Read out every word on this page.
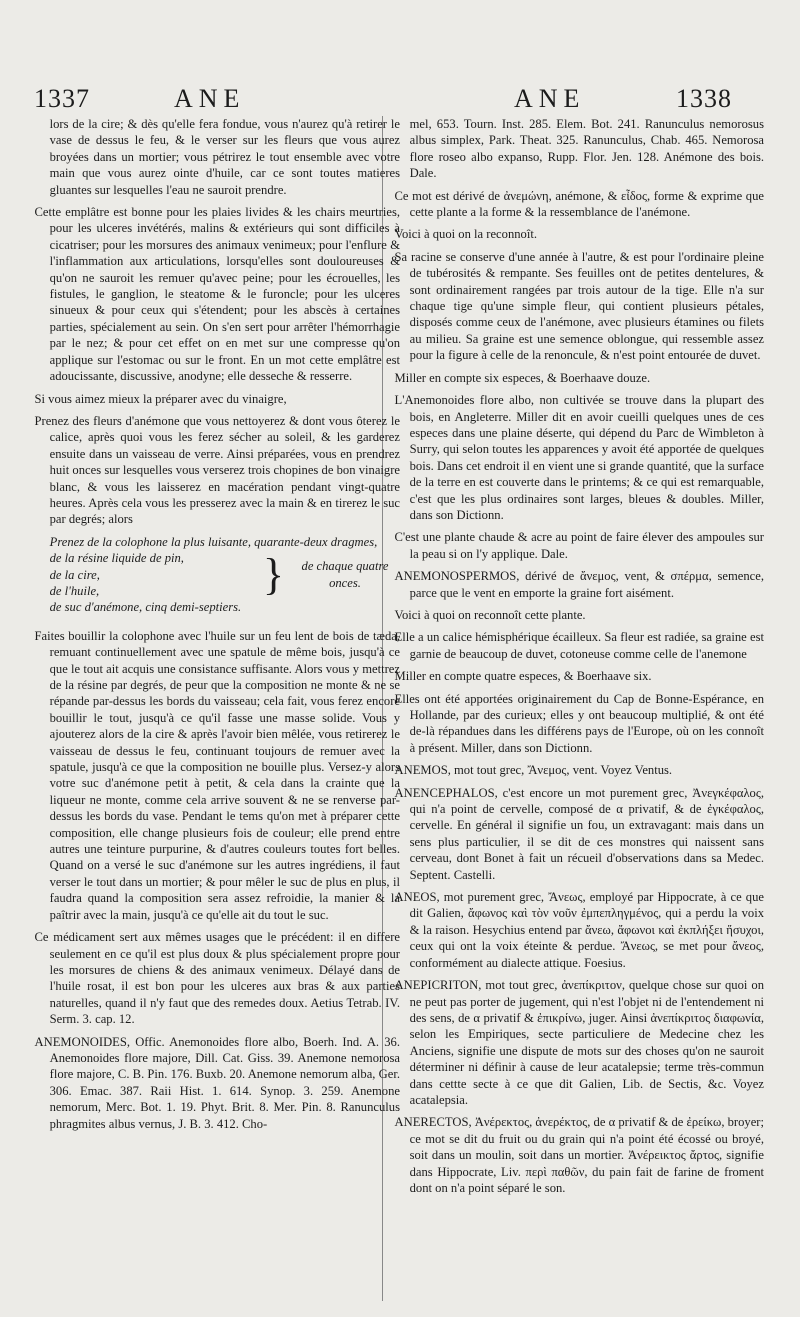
1337	ANE	ANE	1338

lors de la cire; & dès qu'elle fera fondue, vous n'aurez qu'à retirer le vase de dessus le feu, & le verser sur les fleurs que vous aurez broyées dans un mortier; vous pétrirez le tout ensemble avec votre main que vous aurez ointe d'huile, car ce sont toutes matieres gluantes sur lesquelles l'eau ne sauroit prendre.

Cette emplâtre est bonne pour les plaies livides & les chairs meurtries, pour les ulceres invétérés, malins & extérieurs qui sont difficiles à cicatriser; pour les morsures des animaux venimeux; pour l'enflure & l'inflammation aux articulations, lorsqu'elles sont douloureuses & qu'on ne sauroit les remuer qu'avec peine; pour les écrouelles, les fistules, le ganglion, le steatome & le furoncle; pour les ulceres sinueux & pour ceux qui s'étendent; pour les abscès à certaines parties, spécialement au sein. On s'en sert pour arrêter l'hémorrhagie par le nez; & pour cet effet on en met sur une compresse qu'on applique sur l'estomac ou sur le front. En un mot cette emplâtre est adoucissante, discussive, anodyne; elle desseche & resserre.

Si vous aimez mieux la préparer avec du vinaigre,

Prenez des fleurs d'anémone que vous nettoyerez & dont vous ôterez le calice, après quoi vous les ferez sécher au soleil, & les garderez ensuite dans un vaisseau de verre. Ainsi préparées, vous en prendrez huit onces sur lesquelles vous verserez trois chopines de bon vinaigre blanc, & vous les laisserez en macération pendant vingt-quatre heures. Après cela vous les presserez avec la main & en tirerez le suc par degrés; alors

Prenez de la colophone la plus luisante, quarante-deux dragmes,
de la résine liquide de pin,
de la cire,
de l'huile,	}	de chaque quatre onces.
de suc d'anémone, cinq demi-septiers.

Faites bouillir la colophone avec l'huile sur un feu lent de bois de tæda, remuant continuellement avec une spatule de même bois, jusqu'à ce que le tout ait acquis une consistance suffisante. Alors vous y mettrez de la résine par degrés, de peur que la composition ne monte & ne se répande par-dessus les bords du vaisseau; cela fait, vous ferez encore bouillir le tout, jusqu'à ce qu'il fasse une masse solide. Vous y ajouterez alors de la cire & après l'avoir bien mêlée, vous retirerez le vaisseau de dessus le feu, continuant toujours de remuer avec la spatule, jusqu'à ce que la composition ne bouille plus. Versez-y alors votre suc d'anémone petit à petit, & cela dans la crainte que la liqueur ne monte, comme cela arrive souvent & ne se renverse par-dessus les bords du vase. Pendant le tems qu'on met à préparer cette composition, elle change plusieurs fois de couleur; elle prend entre autres une teinture purpurine, & d'autres couleurs toutes fort belles. Quand on a versé le suc d'anémone sur les autres ingrédiens, il faut verser le tout dans un mortier; & pour mêler le suc de plus en plus, il faudra quand la composition sera assez refroidie, la manier & la paîtrir avec la main, jusqu'à ce qu'elle ait du tout le suc.

Ce médicament sert aux mêmes usages que le précédent: il en differe seulement en ce qu'il est plus doux & plus spécialement propre pour les morsures de chiens & des animaux venimeux. Délayé dans de l'huile rosat, il est bon pour les ulceres aux bras & aux parties naturelles, quand il n'y faut que des remedes doux. Aetius Tetrab. IV. Serm. 3. cap. 12.

ANEMONOIDES, Offic. Anemonoides flore albo, Boerh. Ind. A. 36. Anemonoides flore majore, Dill. Cat. Giss. 39. Anemone nemorosa flore majore, C. B. Pin. 176. Buxb. 20. Anemone nemorum alba, Ger. 306. Emac. 387. Raii Hist. 1. 614. Synop. 3. 259. Anemone nemorum, Merc. Bot. 1. 19. Phyt. Brit. 8. Mer. Pin. 8. Ranunculus phragmites albus vernus, J. B. 3. 412. Cho-

mel, 653. Tourn. Inst. 285. Elem. Bot. 241. Ranunculus nemorosus albus simplex, Park. Theat. 325. Ranunculus, Chab. 465. Nemorosa flore roseo albo expanso, Rupp. Flor. Jen. 128. Anémone des bois. Dale.

Ce mot est dérivé de ἀνεμώνη, anémone, & εἶδος, forme & exprime que cette plante a la forme & la ressemblance de l'anémone.

Voici à quoi on la reconnoît.

Sa racine se conserve d'une année à l'autre, & est pour l'ordinaire pleine de tubérosités & rempante. Ses feuilles ont de petites dentelures, & sont ordinairement rangées par trois autour de la tige. Elle n'a sur chaque tige qu'une simple fleur, qui contient plusieurs pétales, disposés comme ceux de l'anémone, avec plusieurs étamines ou filets au milieu. Sa graine est une semence oblongue, qui ressemble assez pour la figure à celle de la renoncule, & n'est point entourée de duvet.

Miller en compte six especes, & Boerhaave douze.

L'Anemonoides flore albo, non cultivée se trouve dans la plupart des bois, en Angleterre. Miller dit en avoir cueilli quelques unes de ces especes dans une plaine déserte, qui dépend du Parc de Wimbleton à Surry, qui selon toutes les apparences y avoit été apportée de quelques bois. Dans cet endroit il en vient une si grande quantité, que la surface de la terre en est couverte dans le printems; & ce qui est remarquable, c'est que les plus ordinaires sont larges, bleues & doubles. Miller, dans son Dictionn.

C'est une plante chaude & acre au point de faire élever des ampoules sur la peau si on l'y applique. Dale.

ANEMONOSPERMOS, dérivé de ἄνεμος, vent, & σπέρμα, semence, parce que le vent en emporte la graine fort aisément.

Voici à quoi on reconnoît cette plante.

Elle a un calice hémisphérique écailleux. Sa fleur est radiée, sa graine est garnie de beaucoup de duvet, cotoneuse comme celle de l'anemone

Miller en compte quatre especes, & Boerhaave six.

Elles ont été apportées originairement du Cap de Bonne-Espérance, en Hollande, par des curieux; elles y ont beaucoup multiplié, & ont été de-là répandues dans les différens pays de l'Europe, où on les connoît à présent. Miller, dans son Dictionn.

ANEMOS, mot tout grec, Ἄνεμος, vent. Voyez Ventus.

ANENCEPHALOS, c'est encore un mot purement grec, Ἀνεγκέφαλος, qui n'a point de cervelle, composé de α privatif, & de ἐγκέφαλος, cervelle. En général il signifie un fou, un extravagant: mais dans un sens plus particulier, il se dit de ces monstres qui naissent sans cerveau, dont Bonet à fait un récueil d'observations dans sa Medec. Septent. Castelli.

ANEOS, mot purement grec, Ἄνεως, employé par Hippocrate, à ce que dit Galien, ἄφωνος καὶ τὸν νοῦν ἐμπεπληγμένος, qui a perdu la voix & la raison. Hesychius entend par ἄνεω, ἄφωνοι καὶ ἐκπλήξει ἥσυχοι, ceux qui ont la voix éteinte & perdue. Ἄνεως, se met pour ἄνεος, conformément au dialecte attique. Foesius.

ANEPICRITON, mot tout grec, ἀνεπίκριτον, quelque chose sur quoi on ne peut pas porter de jugement, qui n'est l'objet ni de l'entendement ni des sens, de α privatif & ἐπικρίνω, juger. Ainsi ἀνεπίκριτος διαφωνία, selon les Empiriques, secte particuliere de Medecine chez les Anciens, signifie une dispute de mots sur des choses qu'on ne sauroit déterminer ni définir à cause de leur acatalepsie; terme très-commun dans cettte secte à ce que dit Galien, Lib. de Sectis, &c. Voyez acatalepsia.

ANERECTOS, Ἀνέρεκτος, ἀνερέκτος, de α privatif & de ἐρείκω, broyer; ce mot se dit du fruit ou du grain qui n'a point été écossé ou broyé, soit dans un moulin, soit dans un mortier. Ἀνέρεικτος ἄρτος, signifie dans Hippocrate, Liv. περὶ παθῶν, du pain fait de farine de froment dont on n'a point séparé le son.
